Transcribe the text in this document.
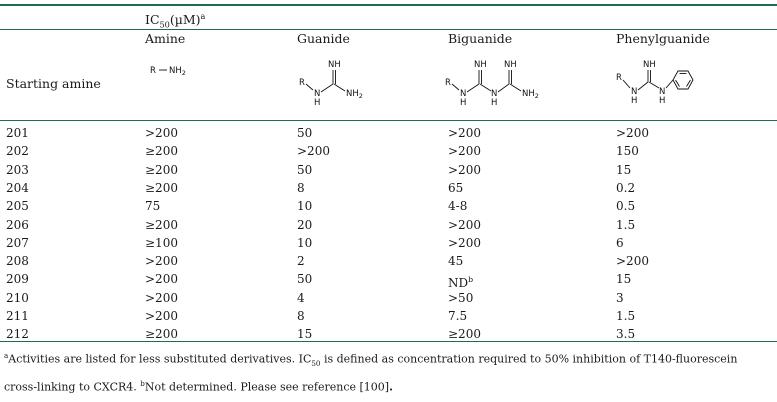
$IC_{50}(\mu M)^a$
Amine	Guanide	Biguanide	Phenylguanide
Starting amine
R $NH_2$
R
N
H
NH
$NH_2$
R
N
H
NH
N
H
NH
$NH_2$
R
N
H
NH
N
H
201	>200	50	>200	>200
202	≥200	>200	>200	150
203	≥200	50	>200	15
204	≥200	8	65	0.2
205	75	10	4-8	0.5
206	≥200	20	>200	1.5
207	≥100	10	>200	6
208	>200	2	45	>200
209	>200	50	$ND^b$	15
210	>200	4	>50	3
211	>200	8	7.5	1.5
212	≥200	15	≥200	3.5
$^a$Activities are listed for less substituted derivatives. $IC_{50}$ is defined as concentration required to 50% inhibition of T140-fluorescein cross-linking to CXCR4. $^b$Not determined. Please see reference [100].
